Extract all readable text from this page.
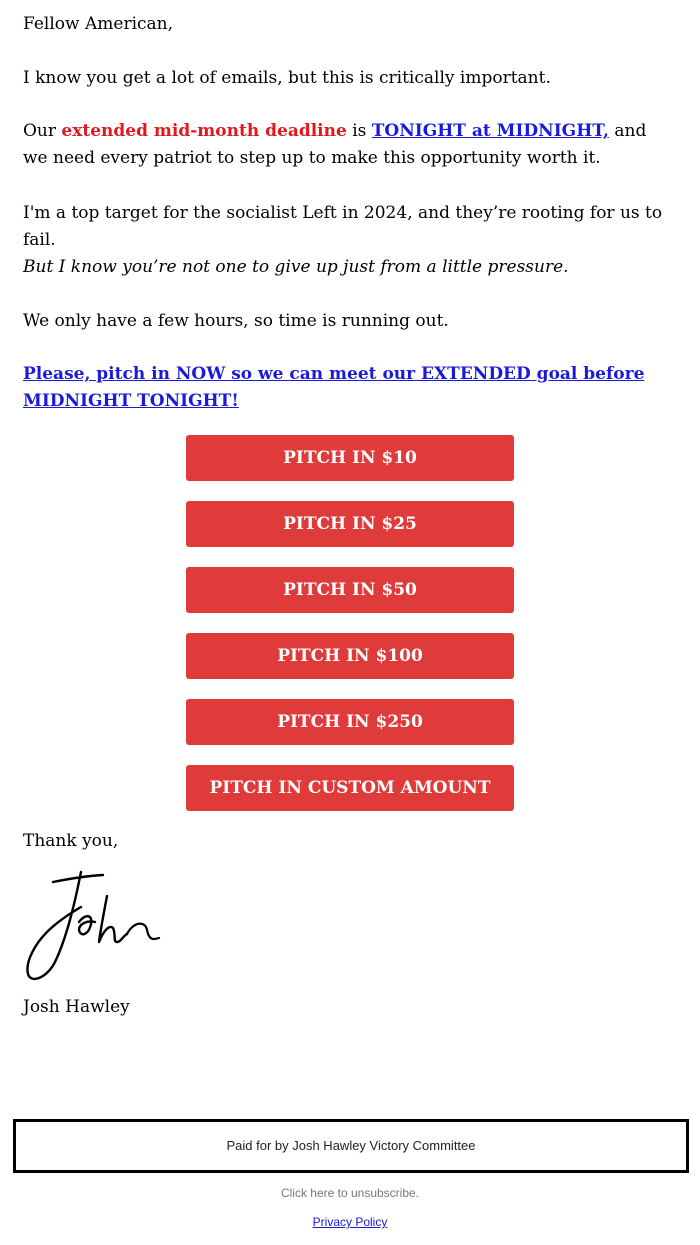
Fellow American,

I know you get a lot of emails, but this is critically important.

Our extended mid-month deadline is TONIGHT at MIDNIGHT, and we need every patriot to step up to make this opportunity worth it.

I'm a top target for the socialist Left in 2024, and they’re rooting for us to fail.

But I know you’re not one to give up just from a little pressure.

We only have a few hours, so time is running out.

Please, pitch in NOW so we can meet our EXTENDED goal before MIDNIGHT TONIGHT!

PITCH IN $10
PITCH IN $25
PITCH IN $50
PITCH IN $100
PITCH IN $250
PITCH IN CUSTOM AMOUNT

Thank you,

Josh Hawley

Paid for by Josh Hawley Victory Committee
Click here to unsubscribe.
Privacy Policy
